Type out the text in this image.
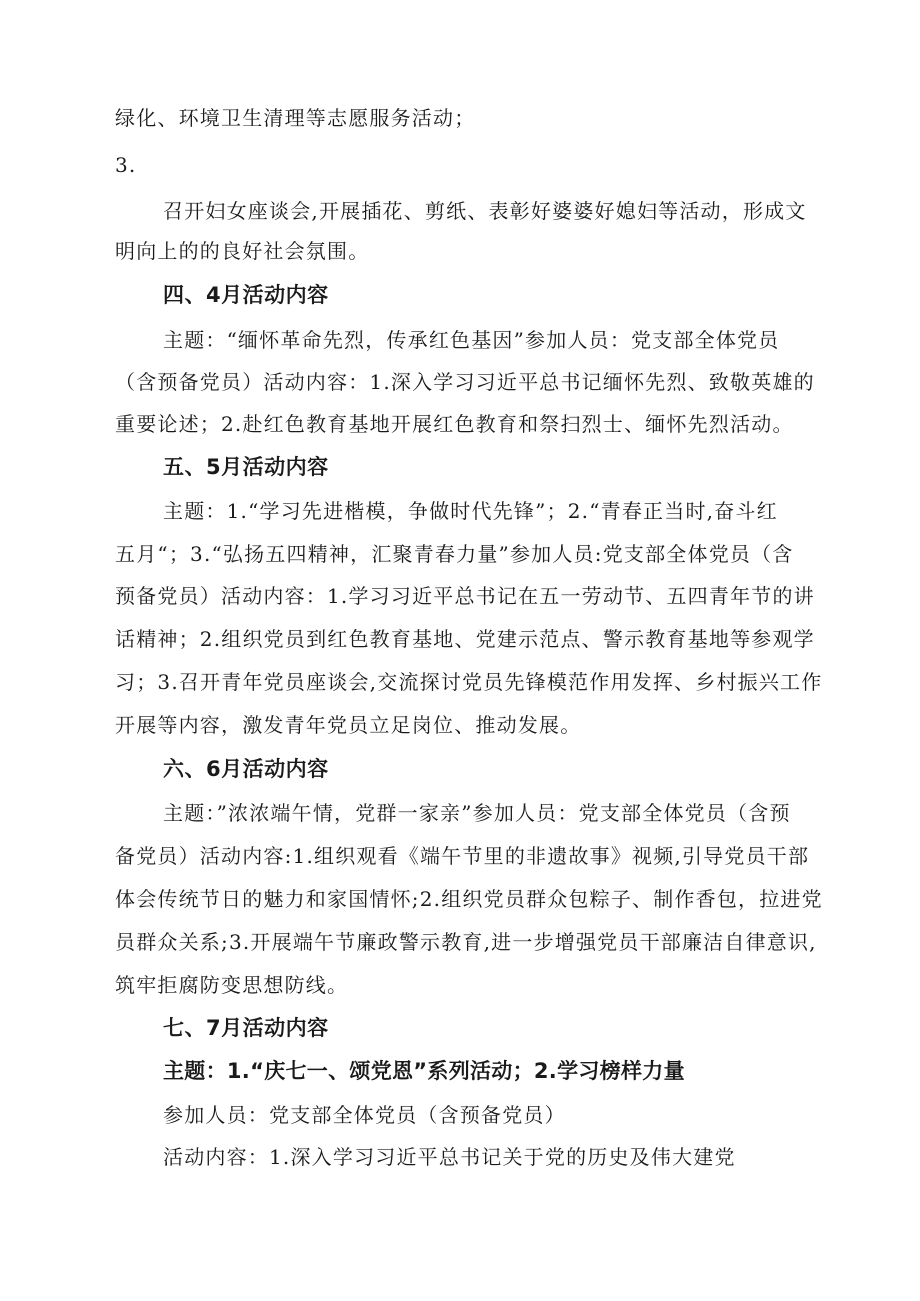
绿化、环境卫生清理等志愿服务活动；
3.
召开妇女座谈会,开展插花、剪纸、表彰好婆婆好媳妇等活动，形成文
明向上的的良好社会氛围。
四、4月活动内容
主题：“缅怀革命先烈，传承红色基因”参加人员：党支部全体党员
（含预备党员）活动内容：1.深入学习习近平总书记缅怀先烈、致敬英雄的
重要论述；2.赴红色教育基地开展红色教育和祭扫烈士、缅怀先烈活动。
五、5月活动内容
主题：1.“学习先进楷模，争做时代先锋”；2.“青春正当时,奋斗红
五月“；3.“弘扬五四精神，汇聚青春力量”参加人员:党支部全体党员（含
预备党员）活动内容：1.学习习近平总书记在五一劳动节、五四青年节的讲
话精神；2.组织党员到红色教育基地、党建示范点、警示教育基地等参观学
习；3.召开青年党员座谈会,交流探讨党员先锋模范作用发挥、乡村振兴工作
开展等内容，激发青年党员立足岗位、推动发展。
六、6月活动内容
主题：”浓浓端午情，党群一家亲”参加人员：党支部全体党员（含预
备党员）活动内容:1.组织观看《端午节里的非遗故事》视频,引导党员干部
体会传统节日的魅力和家国情怀;2.组织党员群众包粽子、制作香包，拉进党
员群众关系;3.开展端午节廉政警示教育,进一步增强党员干部廉洁自律意识,
筑牢拒腐防变思想防线。
七、7月活动内容
主题：1.“庆七一、颂党恩”系列活动；2.学习榜样力量
参加人员：党支部全体党员（含预备党员）
活动内容：1.深入学习习近平总书记关于党的历史及伟大建党
